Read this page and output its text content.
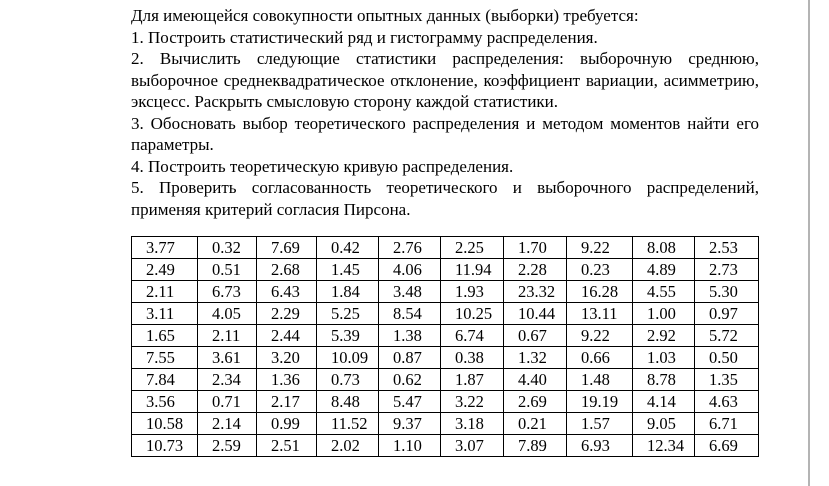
Для имеющейся совокупности опытных данных (выборки) требуется:

1. Построить статистический ряд и гистограмму распределения.

2. Вычислить следующие статистики распределения: выборочную среднюю, выборочное среднеквадратическое отклонение, коэффициент вариации, асимметрию, эксцесс. Раскрыть смысловую сторону каждой статистики.

3. Обосновать выбор теоретического распределения и методом моментов найти его параметры.

4. Построить теоретическую кривую распределения.

5. Проверить согласованность теоретического и выборочного распределений, применяя критерий согласия Пирсона.

3.77	0.32	7.69	0.42	2.76	2.25	1.70	9.22	8.08	2.53
2.49	0.51	2.68	1.45	4.06	11.94	2.28	0.23	4.89	2.73
2.11	6.73	6.43	1.84	3.48	1.93	23.32	16.28	4.55	5.30
3.11	4.05	2.29	5.25	8.54	10.25	10.44	13.11	1.00	0.97
1.65	2.11	2.44	5.39	1.38	6.74	0.67	9.22	2.92	5.72
7.55	3.61	3.20	10.09	0.87	0.38	1.32	0.66	1.03	0.50
7.84	2.34	1.36	0.73	0.62	1.87	4.40	1.48	8.78	1.35
3.56	0.71	2.17	8.48	5.47	3.22	2.69	19.19	4.14	4.63
10.58	2.14	0.99	11.52	9.37	3.18	0.21	1.57	9.05	6.71
10.73	2.59	2.51	2.02	1.10	3.07	7.89	6.93	12.34	6.69
